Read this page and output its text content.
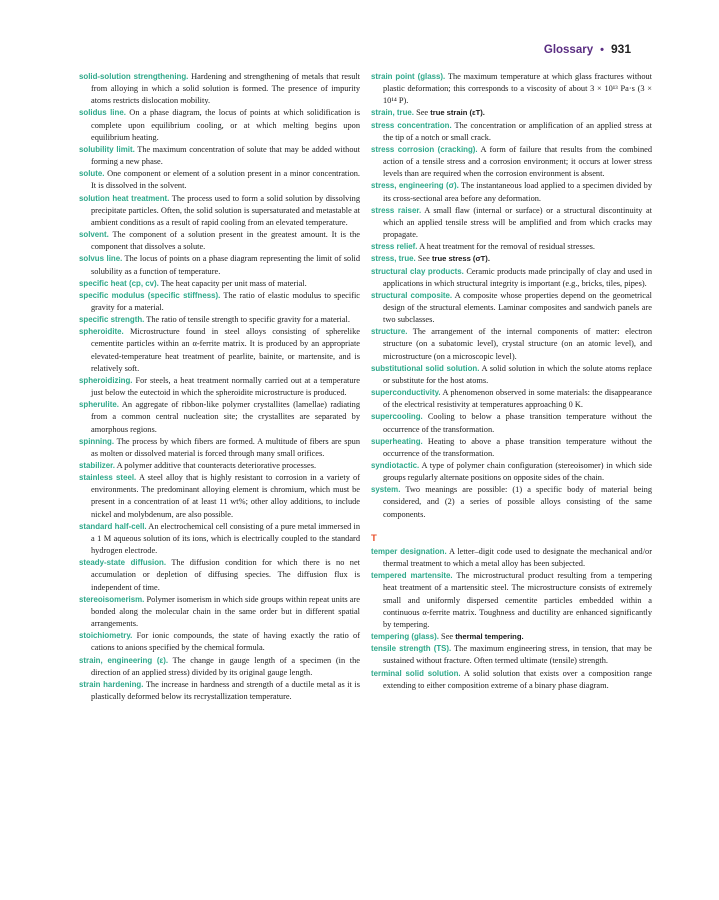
Glossary • 931

solid-solution strengthening. Hardening and strengthening of metals that result from alloying in which a solid solution is formed. The presence of impurity atoms restricts dislocation mobility.

solidus line. On a phase diagram, the locus of points at which solidification is complete upon equilibrium cooling, or at which melting begins upon equilibrium heating.

solubility limit. The maximum concentration of solute that may be added without forming a new phase.

solute. One component or element of a solution present in a minor concentration. It is dissolved in the solvent.

solution heat treatment. The process used to form a solid solution by dissolving precipitate particles. Often, the solid solution is supersaturated and metastable at ambient conditions as a result of rapid cooling from an elevated temperature.

solvent. The component of a solution present in the greatest amount. It is the component that dissolves a solute.

solvus line. The locus of points on a phase diagram representing the limit of solid solubility as a function of temperature.

specific heat (cp, cv). The heat capacity per unit mass of material.

specific modulus (specific stiffness). The ratio of elastic modulus to specific gravity for a material.

specific strength. The ratio of tensile strength to specific gravity for a material.

spheroidite. Microstructure found in steel alloys consisting of spherelike cementite particles within an α-ferrite matrix. It is produced by an appropriate elevated-temperature heat treatment of pearlite, bainite, or martensite, and is relatively soft.

spheroidizing. For steels, a heat treatment normally carried out at a temperature just below the eutectoid in which the spheroidite microstructure is produced.

spherulite. An aggregate of ribbon-like polymer crystallites (lamellae) radiating from a common central nucleation site; the crystallites are separated by amorphous regions.

spinning. The process by which fibers are formed. A multitude of fibers are spun as molten or dissolved material is forced through many small orifices.

stabilizer. A polymer additive that counteracts deteriorative processes.

stainless steel. A steel alloy that is highly resistant to corrosion in a variety of environments. The predominant alloying element is chromium, which must be present in a concentration of at least 11 wt%; other alloy additions, to include nickel and molybdenum, are also possible.

standard half-cell. An electrochemical cell consisting of a pure metal immersed in a 1 M aqueous solution of its ions, which is electrically coupled to the standard hydrogen electrode.

steady-state diffusion. The diffusion condition for which there is no net accumulation or depletion of diffusing species. The diffusion flux is independent of time.

stereoisomerism. Polymer isomerism in which side groups within repeat units are bonded along the molecular chain in the same order but in different spatial arrangements.

stoichiometry. For ionic compounds, the state of having exactly the ratio of cations to anions specified by the chemical formula.

strain, engineering (ε). The change in gauge length of a specimen (in the direction of an applied stress) divided by its original gauge length.

strain hardening. The increase in hardness and strength of a ductile metal as it is plastically deformed below its recrystallization temperature.

strain point (glass). The maximum temperature at which glass fractures without plastic deformation; this corresponds to a viscosity of about 3 × 10¹³ Pa·s (3 × 10¹⁴ P).

strain, true. See true strain (εT).

stress concentration. The concentration or amplification of an applied stress at the tip of a notch or small crack.

stress corrosion (cracking). A form of failure that results from the combined action of a tensile stress and a corrosion environment; it occurs at lower stress levels than are required when the corrosion environment is absent.

stress, engineering (σ). The instantaneous load applied to a specimen divided by its cross-sectional area before any deformation.

stress raiser. A small flaw (internal or surface) or a structural discontinuity at which an applied tensile stress will be amplified and from which cracks may propagate.

stress relief. A heat treatment for the removal of residual stresses.

stress, true. See true stress (σT).

structural clay products. Ceramic products made principally of clay and used in applications in which structural integrity is important (e.g., bricks, tiles, pipes).

structural composite. A composite whose properties depend on the geometrical design of the structural elements. Laminar composites and sandwich panels are two subclasses.

structure. The arrangement of the internal components of matter: electron structure (on a subatomic level), crystal structure (on an atomic level), and microstructure (on a microscopic level).

substitutional solid solution. A solid solution in which the solute atoms replace or substitute for the host atoms.

superconductivity. A phenomenon observed in some materials: the disappearance of the electrical resistivity at temperatures approaching 0 K.

supercooling. Cooling to below a phase transition temperature without the occurrence of the transformation.

superheating. Heating to above a phase transition temperature without the occurrence of the transformation.

syndiotactic. A type of polymer chain configuration (stereoisomer) in which side groups regularly alternate positions on opposite sides of the chain.

system. Two meanings are possible: (1) a specific body of material being considered, and (2) a series of possible alloys consisting of the same components.

T

temper designation. A letter–digit code used to designate the mechanical and/or thermal treatment to which a metal alloy has been subjected.

tempered martensite. The microstructural product resulting from a tempering heat treatment of a martensitic steel. The microstructure consists of extremely small and uniformly dispersed cementite particles embedded within a continuous α-ferrite matrix. Toughness and ductility are enhanced significantly by tempering.

tempering (glass). See thermal tempering.

tensile strength (TS). The maximum engineering stress, in tension, that may be sustained without fracture. Often termed ultimate (tensile) strength.

terminal solid solution. A solid solution that exists over a composition range extending to either composition extreme of a binary phase diagram.
